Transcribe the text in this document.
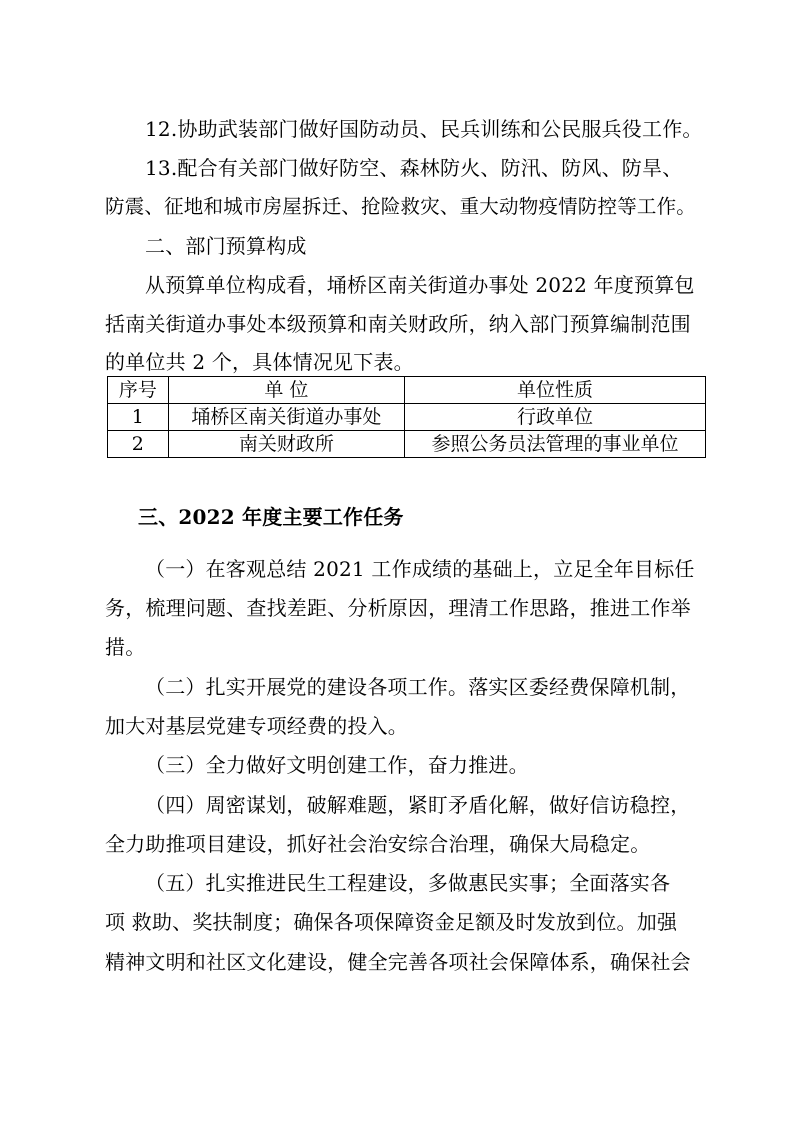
12.协助武装部门做好国防动员、民兵训练和公民服兵役工作。
13.配合有关部门做好防空、森林防火、防汛、防风、防旱、
防震、征地和城市房屋拆迁、抢险救灾、重大动物疫情防控等工作。
二、部门预算构成
从预算单位构成看，埇桥区南关街道办事处 2022 年度预算包
括南关街道办事处本级预算和南关财政所，纳入部门预算编制范围
的单位共 2 个，具体情况见下表。
序号	单 位	单位性质
1	埇桥区南关街道办事处	行政单位
2	南关财政所	参照公务员法管理的事业单位
三、2022 年度主要工作任务
（一）在客观总结 2021 工作成绩的基础上，立足全年目标任
务，梳理问题、查找差距、分析原因，理清工作思路，推进工作举
措。
（二）扎实开展党的建设各项工作。落实区委经费保障机制，
加大对基层党建专项经费的投入。
（三）全力做好文明创建工作，奋力推进。
（四）周密谋划，破解难题，紧盯矛盾化解，做好信访稳控，
全力助推项目建设，抓好社会治安综合治理，确保大局稳定。
（五）扎实推进民生工程建设，多做惠民实事；全面落实各
项 救助、奖扶制度；确保各项保障资金足额及时发放到位。加强
精神文明和社区文化建设，健全完善各项社会保障体系，确保社会
